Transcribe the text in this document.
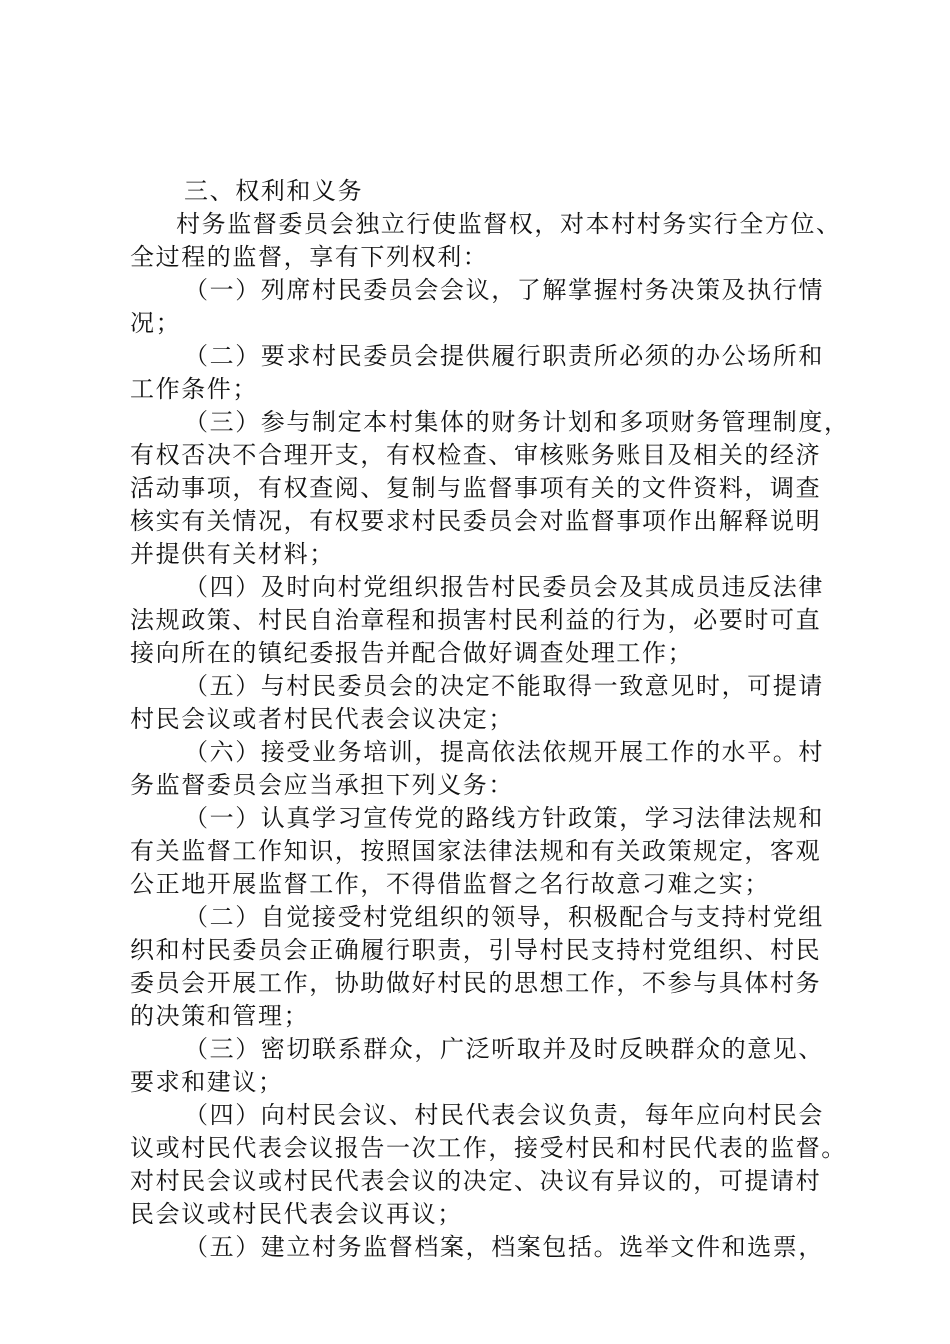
三、权利和义务
村务监督委员会独立行使监督权，对本村村务实行全方位、
全过程的监督，享有下列权利：
（一）列席村民委员会会议，了解掌握村务决策及执行情
况；
（二）要求村民委员会提供履行职责所必须的办公场所和
工作条件；
（三）参与制定本村集体的财务计划和多项财务管理制度，
有权否决不合理开支，有权检查、审核账务账目及相关的经济
活动事项，有权查阅、复制与监督事项有关的文件资料，调查
核实有关情况，有权要求村民委员会对监督事项作出解释说明
并提供有关材料；
（四）及时向村党组织报告村民委员会及其成员违反法律
法规政策、村民自治章程和损害村民利益的行为，必要时可直
接向所在的镇纪委报告并配合做好调查处理工作；
（五）与村民委员会的决定不能取得一致意见时，可提请
村民会议或者村民代表会议决定；
（六）接受业务培训，提高依法依规开展工作的水平。村
务监督委员会应当承担下列义务：
（一）认真学习宣传党的路线方针政策，学习法律法规和
有关监督工作知识，按照国家法律法规和有关政策规定，客观
公正地开展监督工作，不得借监督之名行故意刁难之实；
（二）自觉接受村党组织的领导，积极配合与支持村党组
织和村民委员会正确履行职责，引导村民支持村党组织、村民
委员会开展工作，协助做好村民的思想工作，不参与具体村务
的决策和管理；
（三）密切联系群众，广泛听取并及时反映群众的意见、
要求和建议；
（四）向村民会议、村民代表会议负责，每年应向村民会
议或村民代表会议报告一次工作，接受村民和村民代表的监督。
对村民会议或村民代表会议的决定、决议有异议的，可提请村
民会议或村民代表会议再议；
（五）建立村务监督档案，档案包括。选举文件和选票，
